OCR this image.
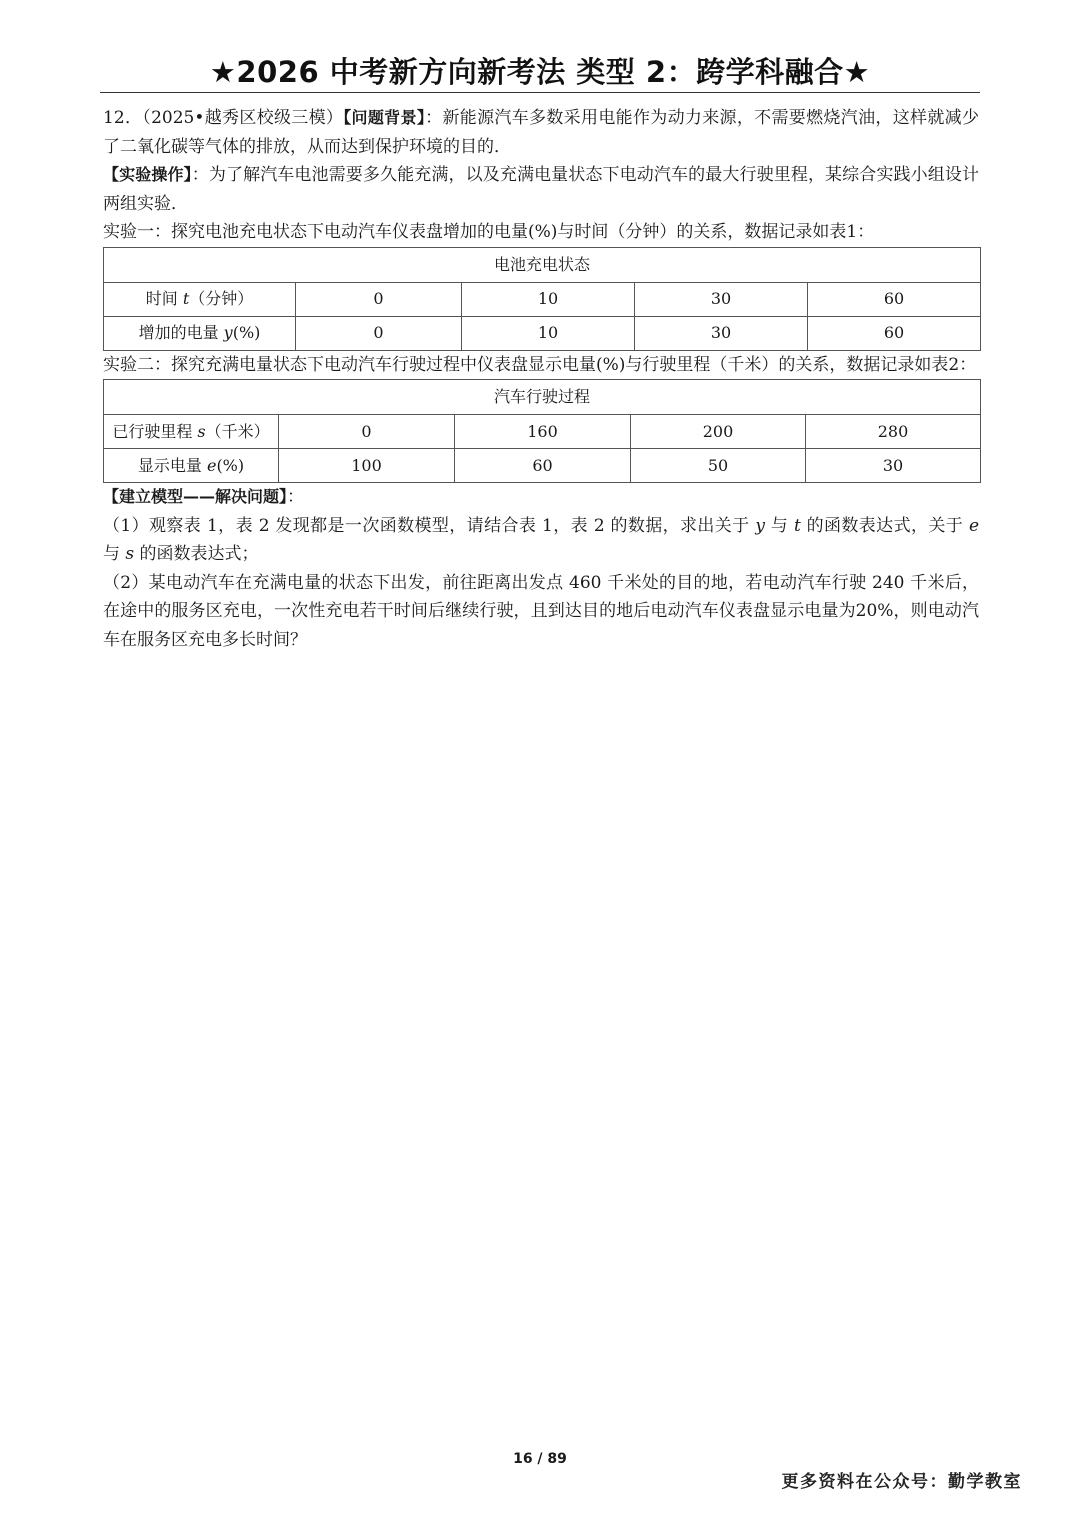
★2026 中考新方向新考法 类型 2：跨学科融合★

12．（2025•越秀区校级三模）【问题背景】：新能源汽车多数采用电能作为动力来源，不需要燃烧汽油，这样就减少了二氧化碳等气体的排放，从而达到保护环境的目的．

【实验操作】：为了解汽车电池需要多久能充满，以及充满电量状态下电动汽车的最大行驶里程，某综合实践小组设计两组实验．

实验一：探究电池充电状态下电动汽车仪表盘增加的电量(%)与时间（分钟）的关系，数据记录如表1：

电池充电状态				
时间 t（分钟）	0	10	30	60
增加的电量 y(%)	0	10	30	60

实验二：探究充满电量状态下电动汽车行驶过程中仪表盘显示电量(%)与行驶里程（千米）的关系，数据记录如表2：

汽车行驶过程				
已行驶里程 s（千米）	0	160	200	280
显示电量 e(%)	100	60	50	30

【建立模型——解决问题】：

（1）观察表 1，表 2 发现都是一次函数模型，请结合表 1，表 2 的数据，求出关于 y 与 t 的函数表达式，关于 e 与 s 的函数表达式；

（2）某电动汽车在充满电量的状态下出发，前往距离出发点 460 千米处的目的地，若电动汽车行驶 240 千米后，在途中的服务区充电，一次性充电若干时间后继续行驶，且到达目的地后电动汽车仪表盘显示电量为20%，则电动汽车在服务区充电多长时间？

16 / 89
更多资料在公众号：勤学教室
